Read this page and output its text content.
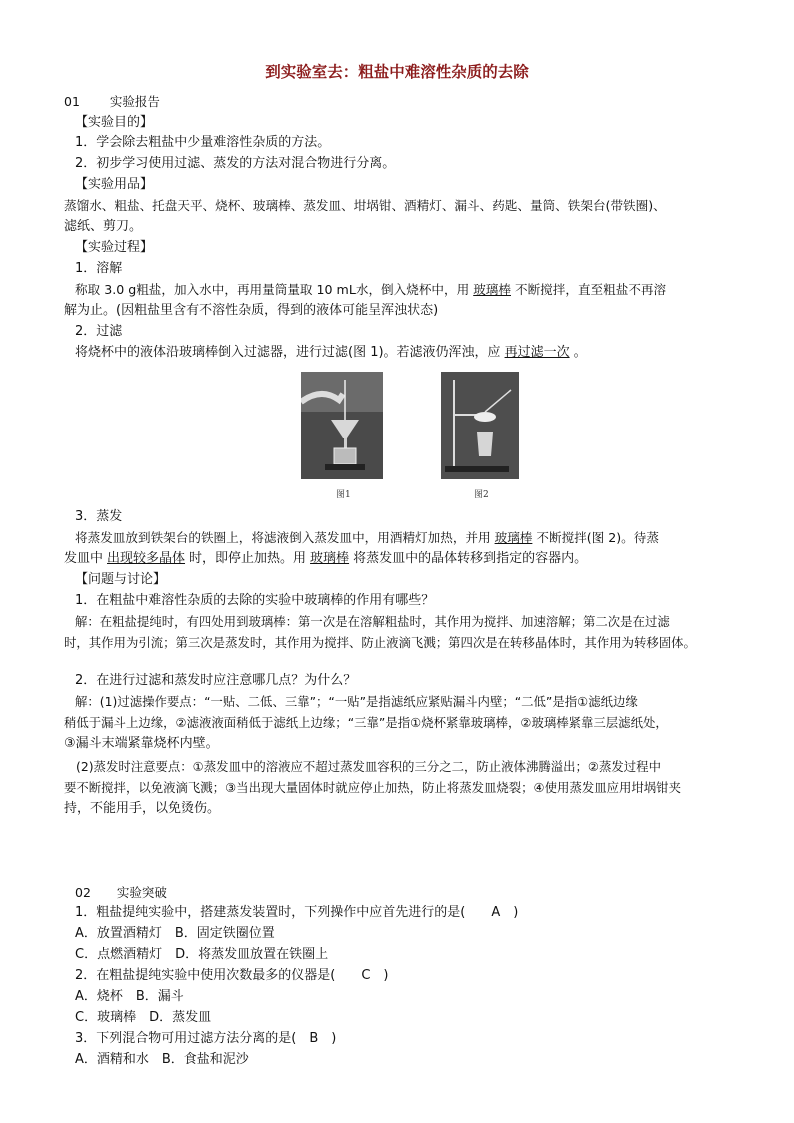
到实验室去：粗盐中难溶性杂质的去除
01 实验报告
【实验目的】
1．学会除去粗盐中少量难溶性杂质的方法。
2．初步学习使用过滤、蒸发的方法对混合物进行分离。
【实验用品】
蒸馏水、粗盐、托盘天平、烧杯、玻璃棒、蒸发皿、坩埚钳、酒精灯、漏斗、药匙、量筒、铁架台(带铁圈)、
滤纸、剪刀。
【实验过程】
1．溶解
称取 3.0 g粗盐，加入水中，再用量筒量取 10 mL水，倒入烧杯中，用 玻璃棒 不断搅拌，直至粗盐不再溶
解为止。(因粗盐里含有不溶性杂质，得到的液体可能呈浑浊状态)
2．过滤
将烧杯中的液体沿玻璃棒倒入过滤器，进行过滤(图 1)。若滤液仍浑浊，应 再过滤一次 。
图1	图2
3．蒸发
将蒸发皿放到铁架台的铁圈上，将滤液倒入蒸发皿中，用酒精灯加热，并用 玻璃棒 不断搅拌(图 2)。待蒸
发皿中 出现较多晶体 时，即停止加热。用 玻璃棒 将蒸发皿中的晶体转移到指定的容器内。
【问题与讨论】
1．在粗盐中难溶性杂质的去除的实验中玻璃棒的作用有哪些？
解：在粗盐提纯时，有四处用到玻璃棒：第一次是在溶解粗盐时，其作用为搅拌、加速溶解；第二次是在过滤
时，其作用为引流；第三次是蒸发时，其作用为搅拌、防止液滴飞溅；第四次是在转移晶体时，其作用为转移固体。
2．在进行过滤和蒸发时应注意哪几点？为什么？
解：(1)过滤操作要点：“一贴、二低、三靠”；“一贴”是指滤纸应紧贴漏斗内壁；“二低”是指①滤纸边缘
稍低于漏斗上边缘，②滤液液面稍低于滤纸上边缘；“三靠”是指①烧杯紧靠玻璃棒，②玻璃棒紧靠三层滤纸处，
③漏斗末端紧靠烧杯内壁。
(2)蒸发时注意要点：①蒸发皿中的溶液应不超过蒸发皿容积的三分之二，防止液体沸腾溢出；②蒸发过程中
要不断搅拌，以免液滴飞溅；③当出现大量固体时就应停止加热，防止将蒸发皿烧裂；④使用蒸发皿应用坩埚钳夹
持，不能用手，以免烫伤。
02 实验突破
1．粗盐提纯实验中，搭建蒸发装置时，下列操作中应首先进行的是(　　A　)
A．放置酒精灯　B．固定铁圈位置
C．点燃酒精灯　D．将蒸发皿放置在铁圈上
2．在粗盐提纯实验中使用次数最多的仪器是(　　C　)
A．烧杯　B．漏斗
C．玻璃棒　D．蒸发皿
3．下列混合物可用过滤方法分离的是(　B　)
A．酒精和水　B．食盐和泥沙
